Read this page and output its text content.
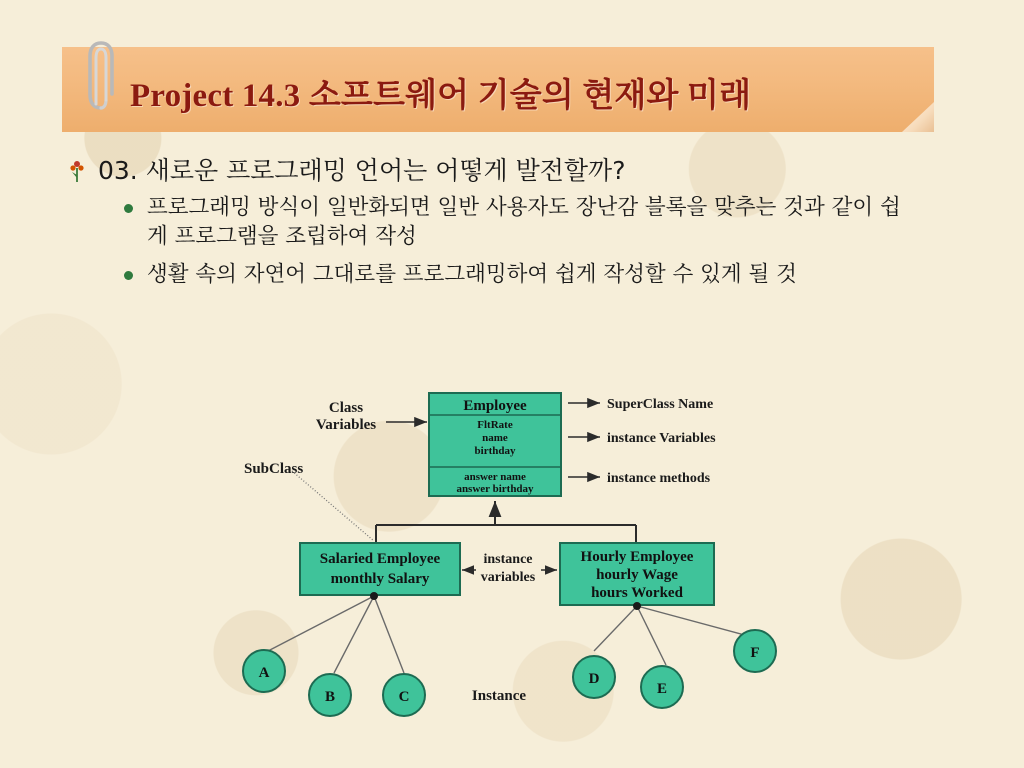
Project 14.3 소프트웨어 기술의 현재와 미래
03. 새로운 프로그래밍 언어는 어떻게 발전할까?
프로그래밍 방식이 일반화되면 일반 사용자도 장난감 블록을 맞추는 것과 같이 쉽게 프로그램을 조립하여 작성
생활 속의 자연어 그대로를 프로그래밍하여 쉽게 작성할 수 있게 될 것
Employee
FltRate
name
birthday
answer name
answer birthday
Class
Variables
SubClass
SuperClass Name
instance Variables
instance methods
Salaried Employee
monthly Salary
Hourly Employee
hourly Wage
hours Worked
instance
variables
A
B	C
D
E
F
Instance
